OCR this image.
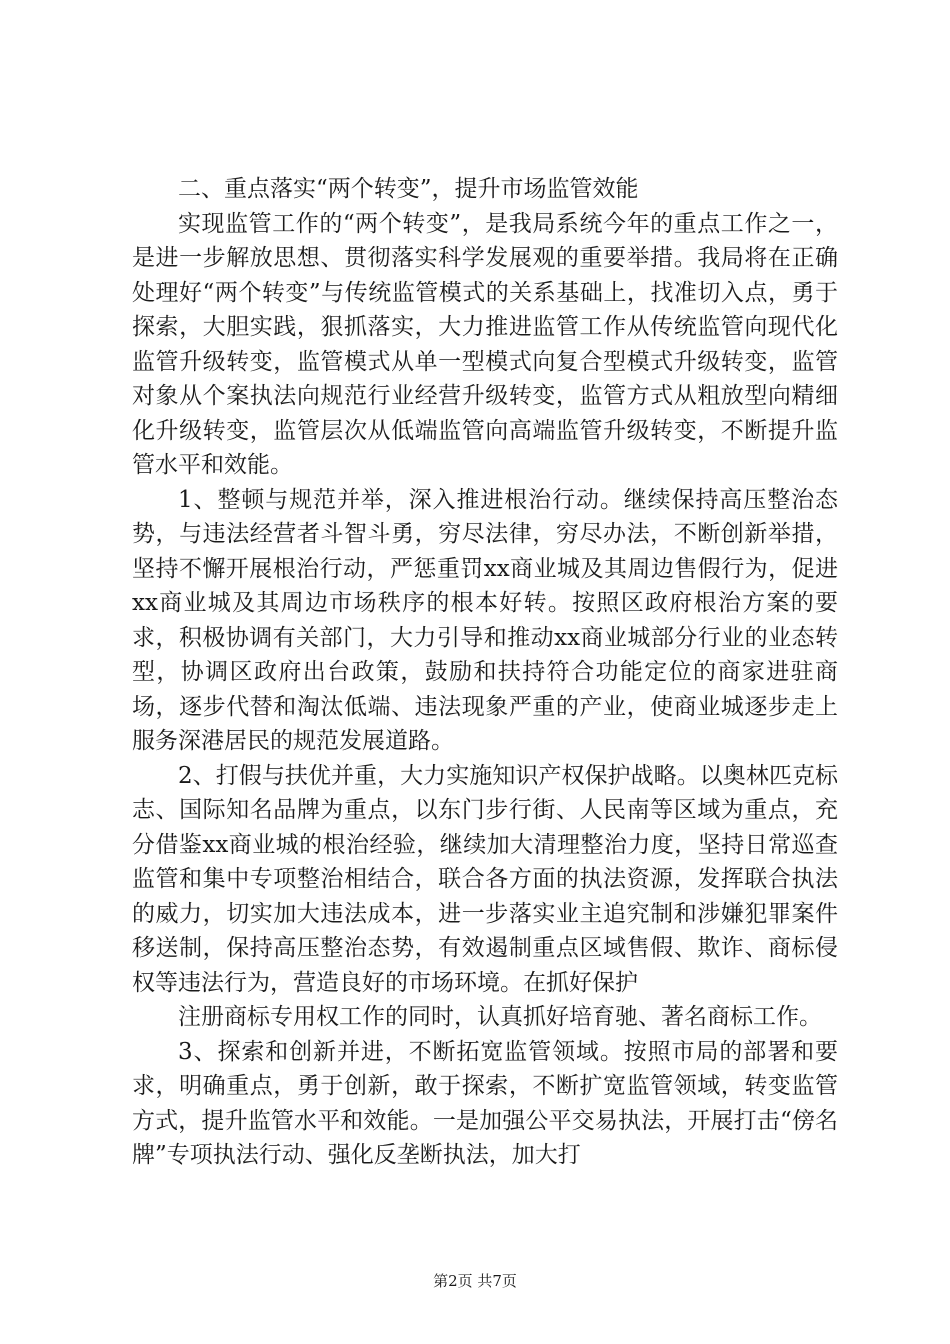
二、重点落实“两个转变”，提升市场监管效能

实现监管工作的“两个转变”，是我局系统今年的重点工作之一，是进一步解放思想、贯彻落实科学发展观的重要举措。我局将在正确处理好“两个转变”与传统监管模式的关系基础上，找准切入点，勇于探索，大胆实践，狠抓落实，大力推进监管工作从传统监管向现代化监管升级转变，监管模式从单一型模式向复合型模式升级转变，监管对象从个案执法向规范行业经营升级转变，监管方式从粗放型向精细化升级转变，监管层次从低端监管向高端监管升级转变，不断提升监管水平和效能。

1、整顿与规范并举，深入推进根治行动。继续保持高压整治态势，与违法经营者斗智斗勇，穷尽法律，穷尽办法，不断创新举措，坚持不懈开展根治行动，严惩重罚xx商业城及其周边售假行为，促进xx商业城及其周边市场秩序的根本好转。按照区政府根治方案的要求，积极协调有关部门，大力引导和推动xx商业城部分行业的业态转型，协调区政府出台政策，鼓励和扶持符合功能定位的商家进驻商场，逐步代替和淘汰低端、违法现象严重的产业，使商业城逐步走上服务深港居民的规范发展道路。

2、打假与扶优并重，大力实施知识产权保护战略。以奥林匹克标志、国际知名品牌为重点，以东门步行街、人民南等区域为重点，充分借鉴xx商业城的根治经验，继续加大清理整治力度，坚持日常巡查监管和集中专项整治相结合，联合各方面的执法资源，发挥联合执法的威力，切实加大违法成本，进一步落实业主追究制和涉嫌犯罪案件移送制，保持高压整治态势，有效遏制重点区域售假、欺诈、商标侵权等违法行为，营造良好的市场环境。在抓好保护

注册商标专用权工作的同时，认真抓好培育驰、著名商标工作。

3、探索和创新并进，不断拓宽监管领域。按照市局的部署和要求，明确重点，勇于创新，敢于探索，不断扩宽监管领域，转变监管方式，提升监管水平和效能。一是加强公平交易执法，开展打击“傍名牌”专项执法行动、强化反垄断执法，加大打

第2页 共7页
